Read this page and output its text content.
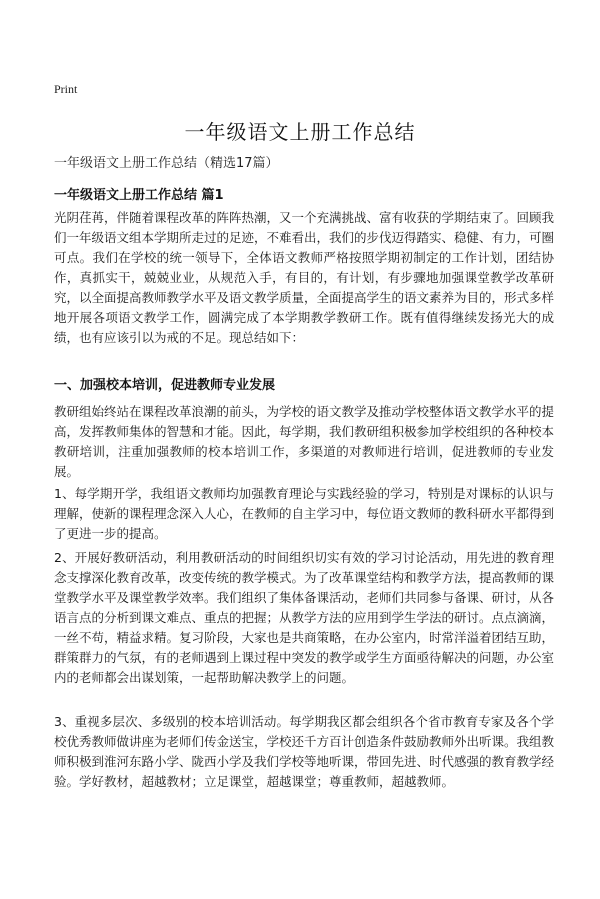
Print
一年级语文上册工作总结
一年级语文上册工作总结（精选17篇）
一年级语文上册工作总结 篇1

光阴荏苒，伴随着课程改革的阵阵热潮，又一个充满挑战、富有收获的学期结束了。回顾我们一年级语文组本学期所走过的足迹，不难看出，我们的步伐迈得踏实、稳健、有力，可圈可点。我们在学校的统一领导下，全体语文教师严格按照学期初制定的工作计划，团结协作，真抓实干，兢兢业业，从规范入手，有目的，有计划，有步骤地加强课堂教学改革研究，以全面提高教师教学水平及语文教学质量，全面提高学生的语文素养为目的，形式多样地开展各项语文教学工作，圆满完成了本学期教学教研工作。既有值得继续发扬光大的成绩，也有应该引以为戒的不足。现总结如下：

一、加强校本培训，促进教师专业发展

教研组始终站在课程改革浪潮的前头，为学校的语文教学及推动学校整体语文教学水平的提高，发挥教师集体的智慧和才能。因此，每学期，我们教研组积极参加学校组织的各种校本教研培训，注重加强教师的校本培训工作，多渠道的对教师进行培训，促进教师的专业发展。

1、每学期开学，我组语文教师均加强教育理论与实践经验的学习，特别是对课标的认识与理解，使新的课程理念深入人心，在教师的自主学习中，每位语文教师的教科研水平都得到了更进一步的提高。

2、开展好教研活动，利用教研活动的时间组织切实有效的学习讨论活动，用先进的教育理念支撑深化教育改革，改变传统的教学模式。为了改革课堂结构和教学方法，提高教师的课堂教学水平及课堂教学效率。我们组织了集体备课活动，老师们共同参与备课、研讨，从各语言点的分析到课文难点、重点的把握；从教学方法的应用到学生学法的研讨。点点滴滴，一丝不苟，精益求精。复习阶段，大家也是共商策略，在办公室内，时常洋溢着团结互助，群策群力的气氛，有的老师遇到上课过程中突发的教学或学生方面亟待解决的问题，办公室内的老师都会出谋划策，一起帮助解决教学上的问题。

3、重视多层次、多级别的校本培训活动。每学期我区都会组织各个省市教育专家及各个学校优秀教师做讲座为老师们传金送宝，学校还千方百计创造条件鼓励教师外出听课。我组教师积极到淮河东路小学、陇西小学及我们学校等地听课，带回先进、时代感强的教育教学经验。学好教材，超越教材；立足课堂，超越课堂；尊重教师，超越教师。
